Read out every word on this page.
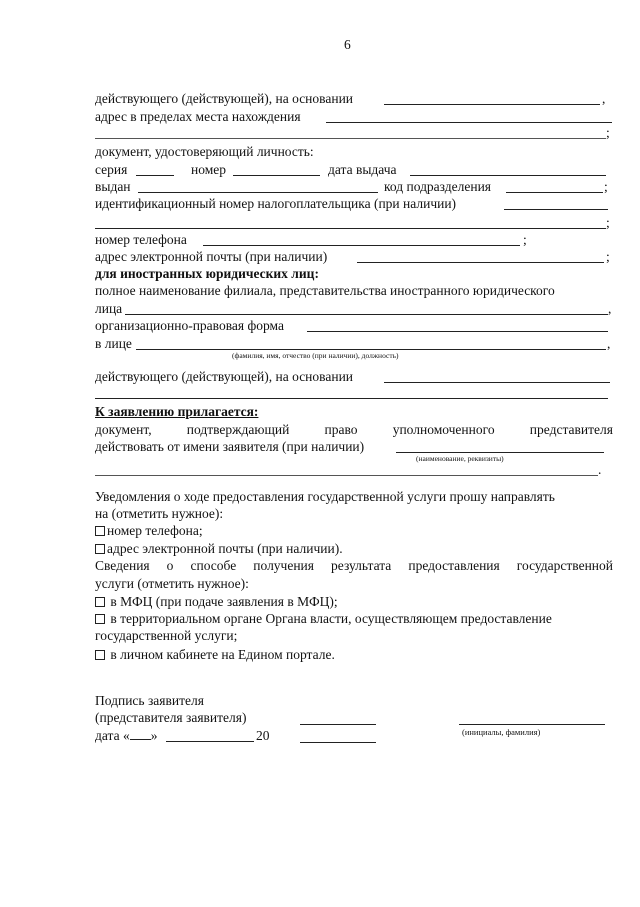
6
действующего (действующей), на основании	,
адрес в пределах места нахождения
;
документ, удостоверяющий личность:
серия	номер	дата выдача
выдан	код подразделения	;
идентификационный номер налогоплательщика (при наличии)
;
номер телефона	;
адрес электронной почты (при наличии)	;
для иностранных юридических лиц:
полное наименование филиала, представительства иностранного юридического
лица	,
организационно-правовая форма
в лице	,
(фамилия, имя, отчество (при наличии), должность)
действующего (действующей), на основании
К заявлению прилагается:
документ,	подтверждающий	право	уполномоченного	представителя
действовать от имени заявителя (при наличии)
(наименование, реквизиты)
.
Уведомления о ходе предоставления государственной услуги прошу направлять
на (отметить нужное):
номер телефона;
адрес электронной почты (при наличии).
Сведения о способе получения результата предоставления государственной
услуги (отметить нужное):
в МФЦ (при подаче заявления в МФЦ);
в территориальном органе Органа власти, осуществляющем предоставление
государственной услуги;
в личном кабинете на Едином портале.
Подпись заявителя
(представителя заявителя)
дата « »	20	(инициалы, фамилия)
